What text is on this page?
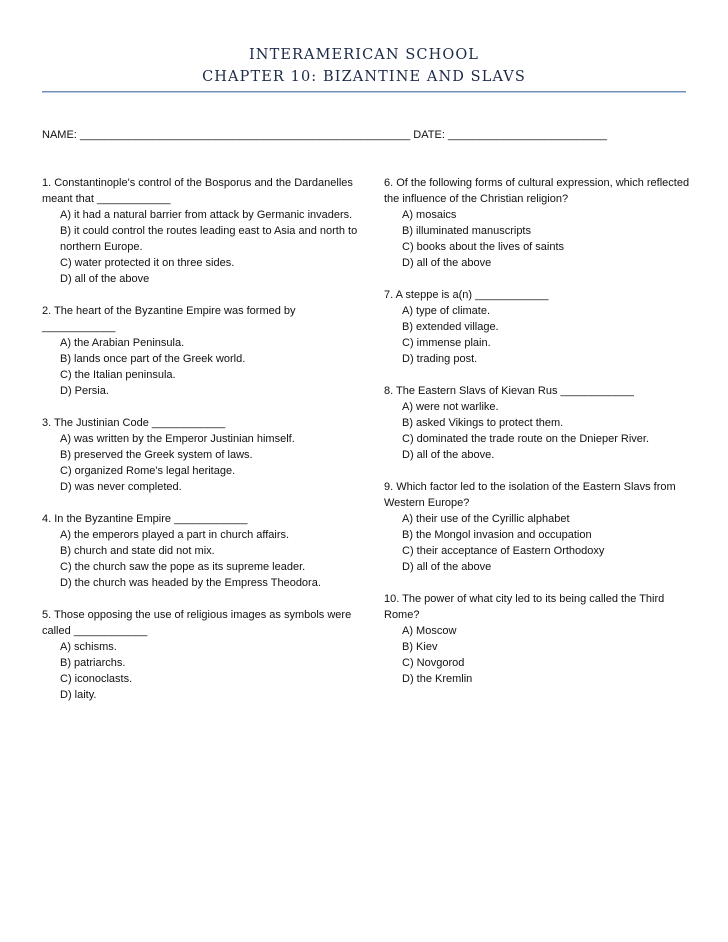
INTERAMERICAN SCHOOL
CHAPTER 10: BIZANTINE AND SLAVS
NAME: ______________________________________________________ DATE: __________________________

1. Constantinople's control of the Bosporus and the Dardanelles meant that ____________

A) it had a natural barrier from attack by Germanic invaders.

B) it could control the routes leading east to Asia and north to northern Europe.

C) water protected it on three sides.

D) all of the above

2. The heart of the Byzantine Empire was formed by ____________

A) the Arabian Peninsula.

B) lands once part of the Greek world.

C) the Italian peninsula.

D) Persia.

3. The Justinian Code ____________

A) was written by the Emperor Justinian himself.

B) preserved the Greek system of laws.

C) organized Rome's legal heritage.

D) was never completed.

4. In the Byzantine Empire ____________

A) the emperors played a part in church affairs.

B) church and state did not mix.

C) the church saw the pope as its supreme leader.

D) the church was headed by the Empress Theodora.

5. Those opposing the use of religious images as symbols were called ____________

A) schisms.

B) patriarchs.

C) iconoclasts.

D) laity.

6. Of the following forms of cultural expression, which reflected the influence of the Christian religion?

A) mosaics

B) illuminated manuscripts

C) books about the lives of saints

D) all of the above

7. A steppe is a(n) ____________

A) type of climate.

B) extended village.

C) immense plain.

D) trading post.

8. The Eastern Slavs of Kievan Rus ____________

A) were not warlike.

B) asked Vikings to protect them.

C) dominated the trade route on the Dnieper River.

D) all of the above.

9. Which factor led to the isolation of the Eastern Slavs from Western Europe?

A) their use of the Cyrillic alphabet

B) the Mongol invasion and occupation

C) their acceptance of Eastern Orthodoxy

D) all of the above

10. The power of what city led to its being called the Third Rome?

A) Moscow

B) Kiev

C) Novgorod

D) the Kremlin
